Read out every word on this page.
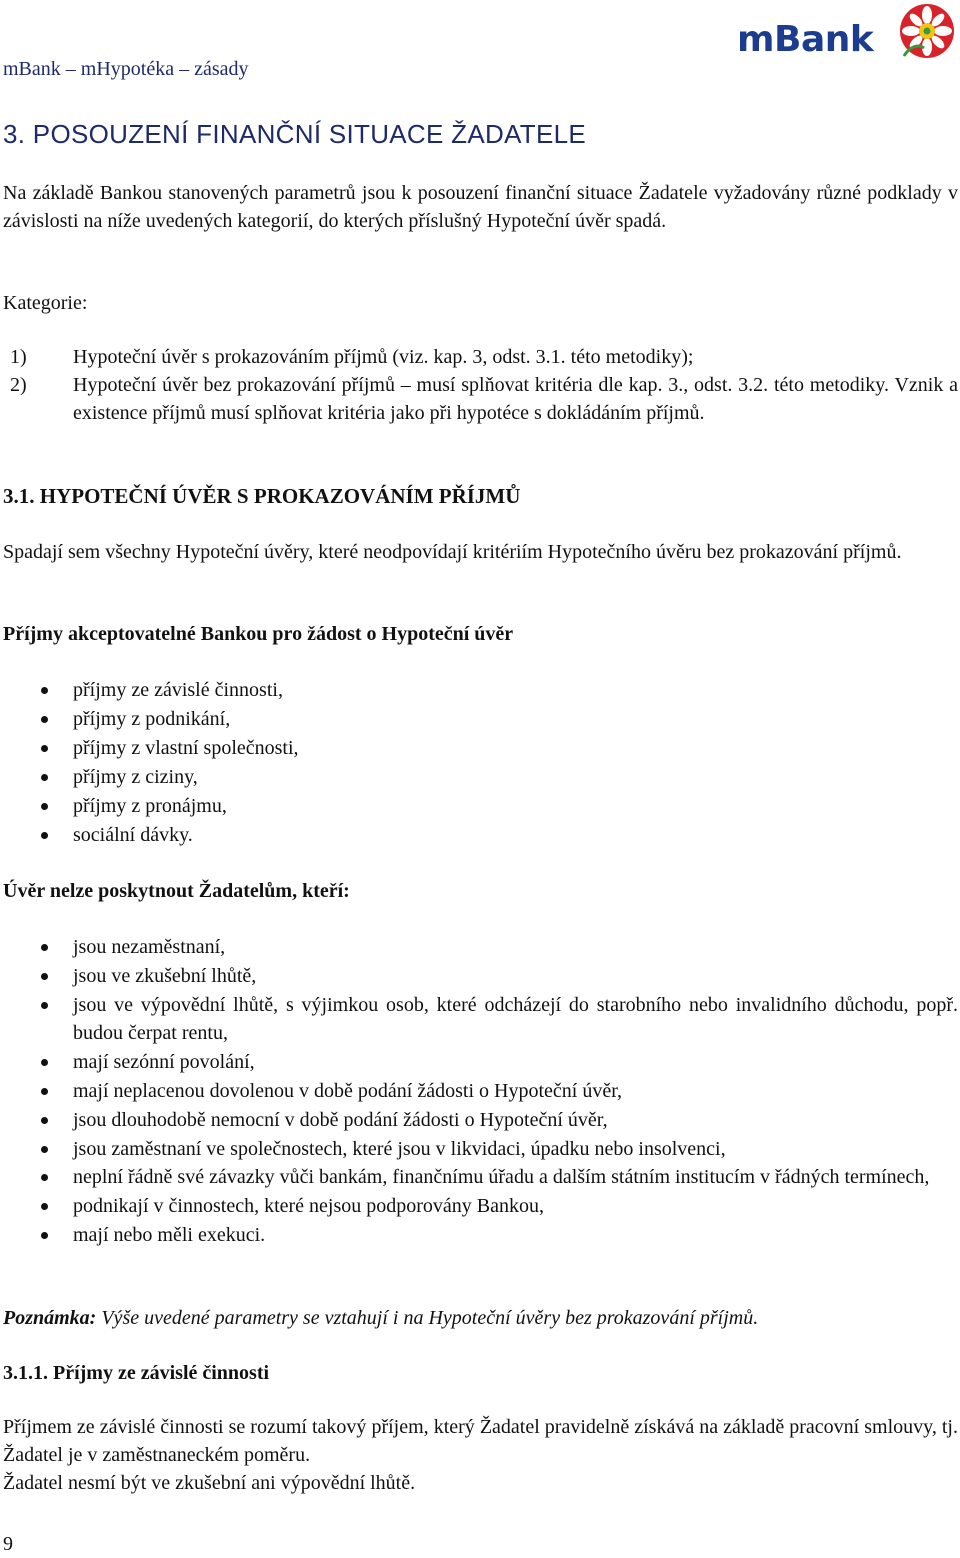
mBank – mHypotéka – zásady
mBank
3. POSOUZENÍ FINANČNÍ SITUACE ŽADATELE
Na základě Bankou stanovených parametrů jsou k posouzení finanční situace Žadatele vyžadovány různé podklady v závislosti na níže uvedených kategorií, do kterých příslušný Hypoteční úvěr spadá.
Kategorie:
1) Hypoteční úvěr s prokazováním příjmů (viz. kap. 3, odst. 3.1. této metodiky);
2) Hypoteční úvěr bez prokazování příjmů – musí splňovat kritéria dle kap. 3., odst. 3.2. této metodiky. Vznik a existence příjmů musí splňovat kritéria jako při hypotéce s dokládáním příjmů.
3.1. HYPOTEČNÍ ÚVĚR S PROKAZOVÁNÍM PŘÍJMŮ
Spadají sem všechny Hypoteční úvěry, které neodpovídají kritériím Hypotečního úvěru bez prokazování příjmů.
Příjmy akceptovatelné Bankou pro žádost o Hypoteční úvěr
příjmy ze závislé činnosti,
příjmy z podnikání,
příjmy z vlastní společnosti,
příjmy z ciziny,
příjmy z pronájmu,
sociální dávky.
Úvěr nelze poskytnout Žadatelům, kteří:
jsou nezaměstnaní,
jsou ve zkušební lhůtě,
jsou ve výpovědní lhůtě, s výjimkou osob, které odcházejí do starobního nebo invalidního důchodu, popř. budou čerpat rentu,
mají sezónní povolání,
mají neplacenou dovolenou v době podání žádosti o Hypoteční úvěr,
jsou dlouhodobě nemocní v době podání žádosti o Hypoteční úvěr,
jsou zaměstnaní ve společnostech, které jsou v likvidaci, úpadku nebo insolvenci,
neplní řádně své závazky vůči bankám, finančnímu úřadu a dalším státním institucím v řádných termínech,
podnikají v činnostech, které nejsou podporovány Bankou,
mají nebo měli exekuci.
Poznámka: Výše uvedené parametry se vztahují i na Hypoteční úvěry bez prokazování příjmů.
3.1.1. Příjmy ze závislé činnosti
Příjmem ze závislé činnosti se rozumí takový příjem, který Žadatel pravidelně získává na základě pracovní smlouvy, tj. Žadatel je v zaměstnaneckém poměru.
Žadatel nesmí být ve zkušební ani výpovědní lhůtě.
9
